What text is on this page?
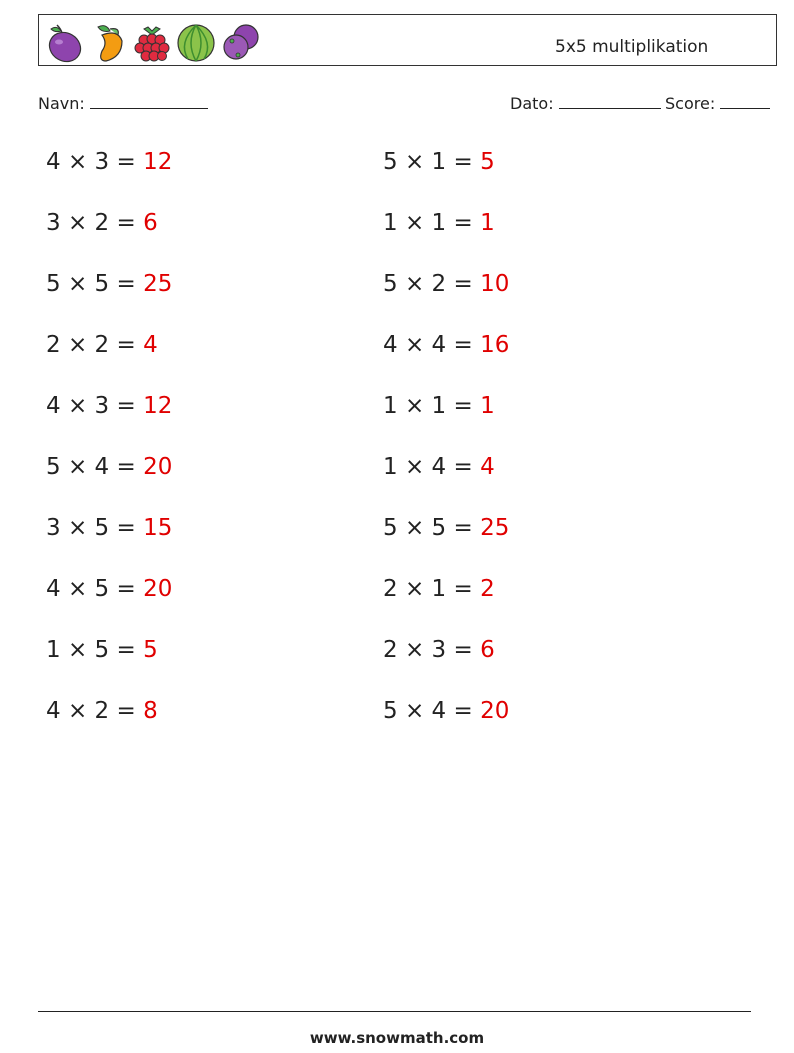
5x5 multiplikation
Navn:	Dato:	Score:
4 × 3 = 12
3 × 2 = 6
5 × 5 = 25
2 × 2 = 4
4 × 3 = 12
5 × 4 = 20
3 × 5 = 15
4 × 5 = 20
1 × 5 = 5
4 × 2 = 8
5 × 1 = 5
1 × 1 = 1
5 × 2 = 10
4 × 4 = 16
1 × 1 = 1
1 × 4 = 4
5 × 5 = 25
2 × 1 = 2
2 × 3 = 6
5 × 4 = 20
www.snowmath.com
